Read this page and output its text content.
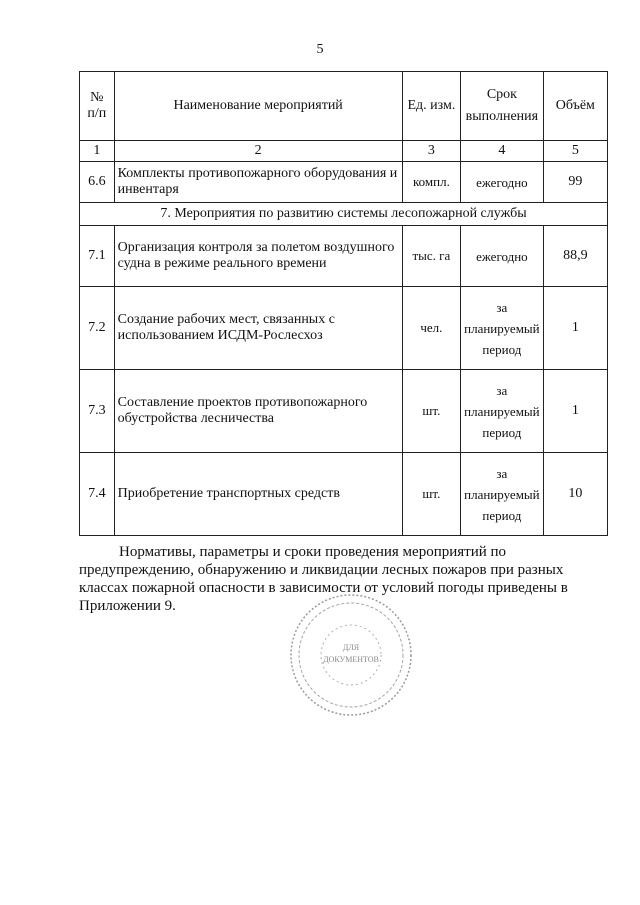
5
№ п/п	Наименование мероприятий	Ед. изм.	Срок выполнения	Объём
1	2	3	4	5
6.6	Комплекты противопожарного оборудования и инвентаря	компл.	ежегодно	99
7. Мероприятия по развитию системы лесопожарной службы				
7.1	Организация контроля за полетом воздушного судна в режиме реального времени	тыс. га	ежегодно	88,9
7.2	Создание рабочих мест, связанных с использованием ИСДМ-Рослесхоз	чел.	за планируемый период	1
7.3	Составление проектов противопожарного обустройства лесничества	шт.	за планируемый период	1
7.4	Приобретение транспортных средств	шт.	за планируемый период	10
Нормативы, параметры и сроки проведения мероприятий по предупреждению, обнаружению и ликвидации лесных пожаров при разных классах пожарной опасности в зависимости от условий погоды приведены в Приложении 9.
ДЛЯ
ДОКУМЕНТОВ
